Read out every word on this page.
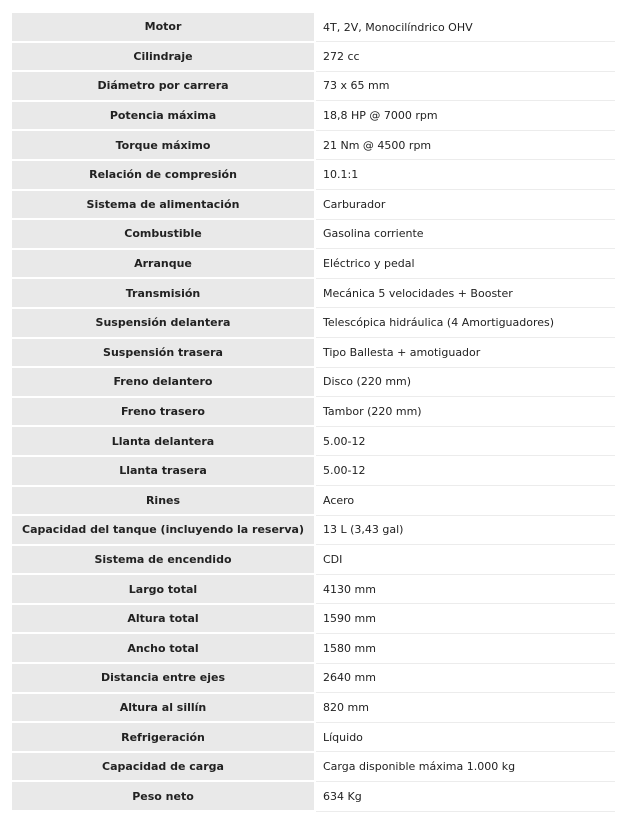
Motor	4T, 2V, Monocilíndrico OHV
Cilindraje	272 cc
Diámetro por carrera	73 x 65 mm
Potencia máxima	18,8 HP @ 7000 rpm
Torque máximo	21 Nm @ 4500 rpm
Relación de compresión	10.1:1
Sistema de alimentación	Carburador
Combustible	Gasolina corriente
Arranque	Eléctrico y pedal
Transmisión	Mecánica 5 velocidades + Booster
Suspensión delantera	Telescópica hidráulica (4 Amortiguadores)
Suspensión trasera	Tipo Ballesta + amotiguador
Freno delantero	Disco (220 mm)
Freno trasero	Tambor (220 mm)
Llanta delantera	5.00-12
Llanta trasera	5.00-12
Rines	Acero
Capacidad del tanque (incluyendo la reserva)	13 L (3,43 gal)
Sistema de encendido	CDI
Largo total	4130 mm
Altura total	1590 mm
Ancho total	1580 mm
Distancia entre ejes	2640 mm
Altura al sillín	820 mm
Refrigeración	Líquido
Capacidad de carga	Carga disponible máxima 1.000 kg
Peso neto	634 Kg
